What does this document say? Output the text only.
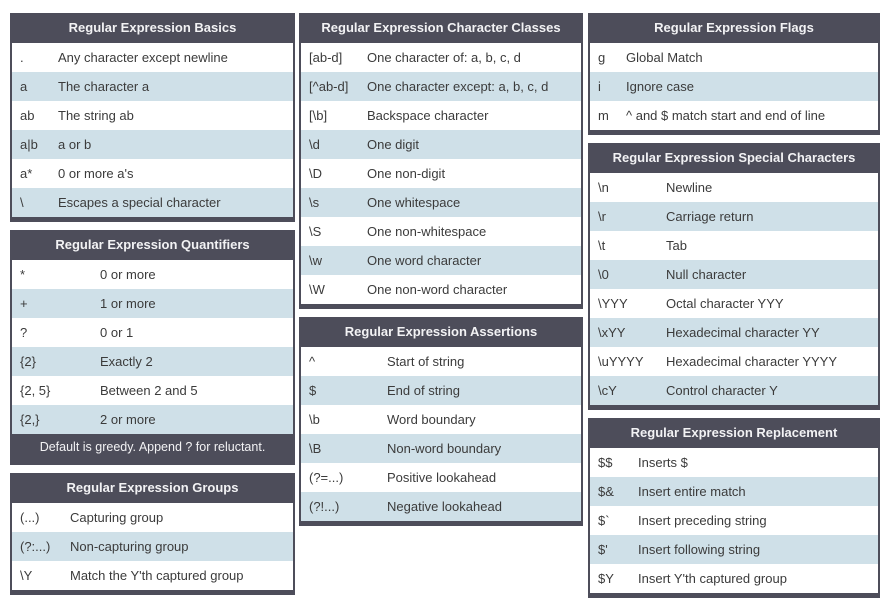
Regular Expression Basics
.	Any character except newline
a	The character a
ab	The string ab
a|b	a or b
a*	0 or more a's
\	Escapes a special character
Regular Expression Quantifiers
*	0 or more
+	1 or more
?	0 or 1
{2}	Exactly 2
{2, 5}	Between 2 and 5
{2,}	2 or more
Default is greedy. Append ? for reluctant.
Regular Expression Groups
(...)	Capturing group
(?:...)	Non-capturing group
\Y	Match the Y'th captured group
Regular Expression Character Classes
[ab-d]	One character of: a, b, c, d
[^ab-d]	One character except: a, b, c, d
[\b]	Backspace character
\d	One digit
\D	One non-digit
\s	One whitespace
\S	One non-whitespace
\w	One word character
\W	One non-word character
Regular Expression Assertions
^	Start of string
$	End of string
\b	Word boundary
\B	Non-word boundary
(?=...)	Positive lookahead
(?!...)	Negative lookahead
Regular Expression Flags
g	Global Match
i	Ignore case
m	^ and $ match start and end of line
Regular Expression Special Characters
\n	Newline
\r	Carriage return
\t	Tab
\0	Null character
\YYY	Octal character YYY
\xYY	Hexadecimal character YY
\uYYYY	Hexadecimal character YYYY
\cY	Control character Y
Regular Expression Replacement
$$	Inserts $
$&	Insert entire match
$`	Insert preceding string
$'	Insert following string
$Y	Insert Y'th captured group
